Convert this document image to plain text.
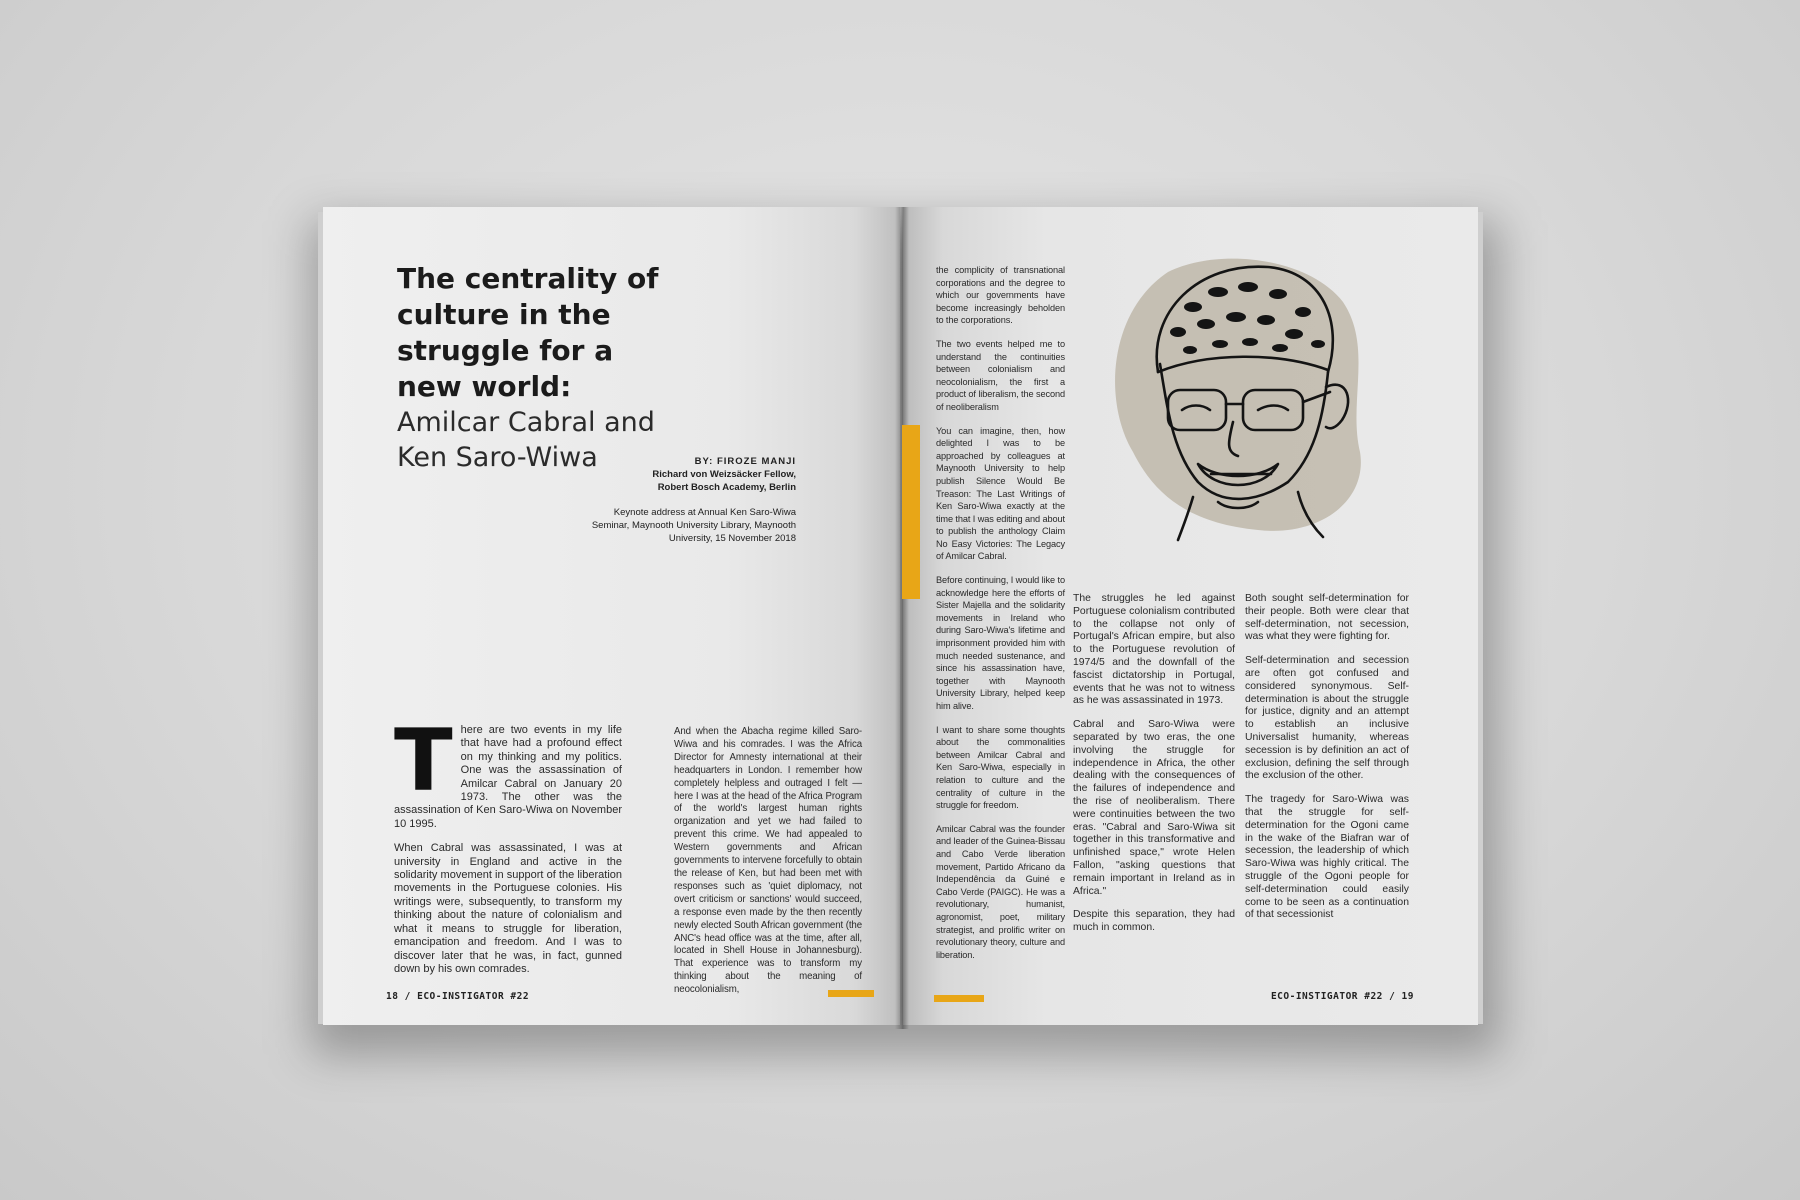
The centrality of culture in the struggle for a new world:
Amilcar Cabral and Ken Saro-Wiwa	BY: FIROZE MANJI
Richard von Weizsäcker Fellow,
Robert Bosch Academy, Berlin
Keynote address at Annual Ken Saro-Wiwa Seminar, Maynooth University Library, Maynooth University, 15 November 2018

There are two events in my life that have had a profound effect on my thinking and my politics. One was the assassination of Amilcar Cabral on January 20 1973. The other was the assassination of Ken Saro-Wiwa on November 10 1995.

When Cabral was assassinated, I was at university in England and active in the solidarity movement in support of the liberation movements in the Portuguese colonies. His writings were, subsequently, to transform my thinking about the nature of colonialism and what it means to struggle for liberation, emancipation and freedom. And I was to discover later that he was, in fact, gunned down by his own comrades.

And when the Abacha regime killed Saro-Wiwa and his comrades. I was the Africa Director for Amnesty international at their headquarters in London. I remember how completely helpless and outraged I felt — here I was at the head of the Africa Program of the world's largest human rights organization and yet we had failed to prevent this crime. We had appealed to Western governments and African governments to intervene forcefully to obtain the release of Ken, but had been met with responses such as 'quiet diplomacy, not overt criticism or sanctions' would succeed, a response even made by the then recently newly elected South African government (the ANC's head office was at the time, after all, located in Shell House in Johannesburg). That experience was to transform my thinking about the meaning of neocolonialism,

18 / ECO-INSTIGATOR #22

the complicity of transnational corporations and the degree to which our governments have become increasingly beholden to the corporations.

The two events helped me to understand the continuities between colonialism and neocolonialism, the first a product of liberalism, the second of neoliberalism

You can imagine, then, how delighted I was to be approached by colleagues at Maynooth University to help publish Silence Would Be Treason: The Last Writings of Ken Saro-Wiwa exactly at the time that I was editing and about to publish the anthology Claim No Easy Victories: The Legacy of Amilcar Cabral.

Before continuing, I would like to acknowledge here the efforts of Sister Majella and the solidarity movements in Ireland who during Saro-Wiwa's lifetime and imprisonment provided him with much needed sustenance, and since his assassination have, together with Maynooth University Library, helped keep him alive.

I want to share some thoughts about the commonalities between Amilcar Cabral and Ken Saro-Wiwa, especially in relation to culture and the centrality of culture in the struggle for freedom.

Amilcar Cabral was the founder and leader of the Guinea-Bissau and Cabo Verde liberation movement, Partido Africano da Independência da Guiné e Cabo Verde (PAIGC). He was a revolutionary, humanist, agronomist, poet, military strategist, and prolific writer on revolutionary theory, culture and liberation.

The struggles he led against Portuguese colonialism contributed to the collapse not only of Portugal's African empire, but also to the Portuguese revolution of 1974/5 and the downfall of the fascist dictatorship in Portugal, events that he was not to witness as he was assassinated in 1973.

Cabral and Saro-Wiwa were separated by two eras, the one involving the struggle for independence in Africa, the other dealing with the consequences of the failures of independence and the rise of neoliberalism. There were continuities between the two eras. "Cabral and Saro-Wiwa sit together in this transformative and unfinished space," wrote Helen Fallon, "asking questions that remain important in Ireland as in Africa."

Despite this separation, they had much in common.

Both sought self-determination for their people. Both were clear that self-determination, not secession, was what they were fighting for.

Self-determination and secession are often got confused and considered synonymous. Self-determination is about the struggle for justice, dignity and an attempt to establish an inclusive Universalist humanity, whereas secession is by definition an act of exclusion, defining the self through the exclusion of the other.

The tragedy for Saro-Wiwa was that the struggle for self-determination for the Ogoni came in the wake of the Biafran war of secession, the leadership of which Saro-Wiwa was highly critical. The struggle of the Ogoni people for self-determination could easily come to be seen as a continuation of that secessionist

ECO-INSTIGATOR #22 / 19
